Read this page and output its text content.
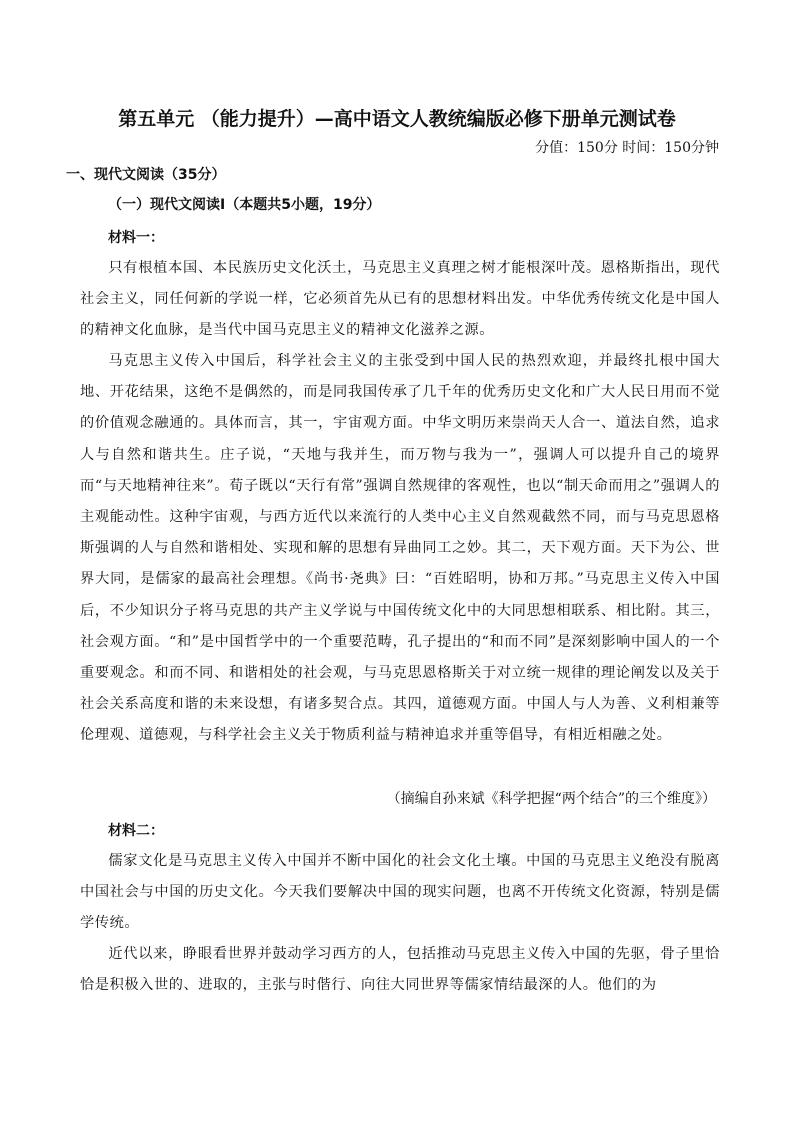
第五单元 （能力提升）—高中语文人教统编版必修下册单元测试卷
分值：150分 时间：150分钟
一、现代文阅读（35分）
（一）现代文阅读Ⅰ（本题共5小题，19分）
材料一：
只有根植本国、本民族历史文化沃土，马克思主义真理之树才能根深叶茂。恩格斯指出，现代社会主义，同任何新的学说一样，它必须首先从已有的思想材料出发。中华优秀传统文化是中国人的精神文化血脉，是当代中国马克思主义的精神文化滋养之源。
马克思主义传入中国后，科学社会主义的主张受到中国人民的热烈欢迎，并最终扎根中国大地、开花结果，这绝不是偶然的，而是同我国传承了几千年的优秀历史文化和广大人民日用而不觉的价值观念融通的。具体而言，其一，宇宙观方面。中华文明历来崇尚天人合一、道法自然，追求人与自然和谐共生。庄子说，“天地与我并生，而万物与我为一”，强调人可以提升自己的境界而“与天地精神往来”。荀子既以“天行有常”强调自然规律的客观性，也以“制天命而用之”强调人的主观能动性。这种宇宙观，与西方近代以来流行的人类中心主义自然观截然不同，而与马克思恩格斯强调的人与自然和谐相处、实现和解的思想有异曲同工之妙。其二，天下观方面。天下为公、世界大同，是儒家的最高社会理想。《尚书·尧典》曰：“百姓昭明，协和万邦。”马克思主义传入中国后，不少知识分子将马克思的共产主义学说与中国传统文化中的大同思想相联系、相比附。其三，社会观方面。“和”是中国哲学中的一个重要范畴，孔子提出的“和而不同”是深刻影响中国人的一个重要观念。和而不同、和谐相处的社会观，与马克思恩格斯关于对立统一规律的理论阐发以及关于社会关系高度和谐的未来设想，有诸多契合点。其四，道德观方面。中国人与人为善、义利相兼等伦理观、道德观，与科学社会主义关于物质利益与精神追求并重等倡导，有相近相融之处。
（摘编自孙来斌《科学把握“两个结合”的三个维度》）
材料二：
儒家文化是马克思主义传入中国并不断中国化的社会文化土壤。中国的马克思主义绝没有脱离中国社会与中国的历史文化。今天我们要解决中国的现实问题，也离不开传统文化资源，特别是儒学传统。
近代以来，睁眼看世界并鼓动学习西方的人，包括推动马克思主义传入中国的先驱，骨子里恰恰是积极入世的、进取的，主张与时偕行、向往大同世界等儒家情结最深的人。他们的为
